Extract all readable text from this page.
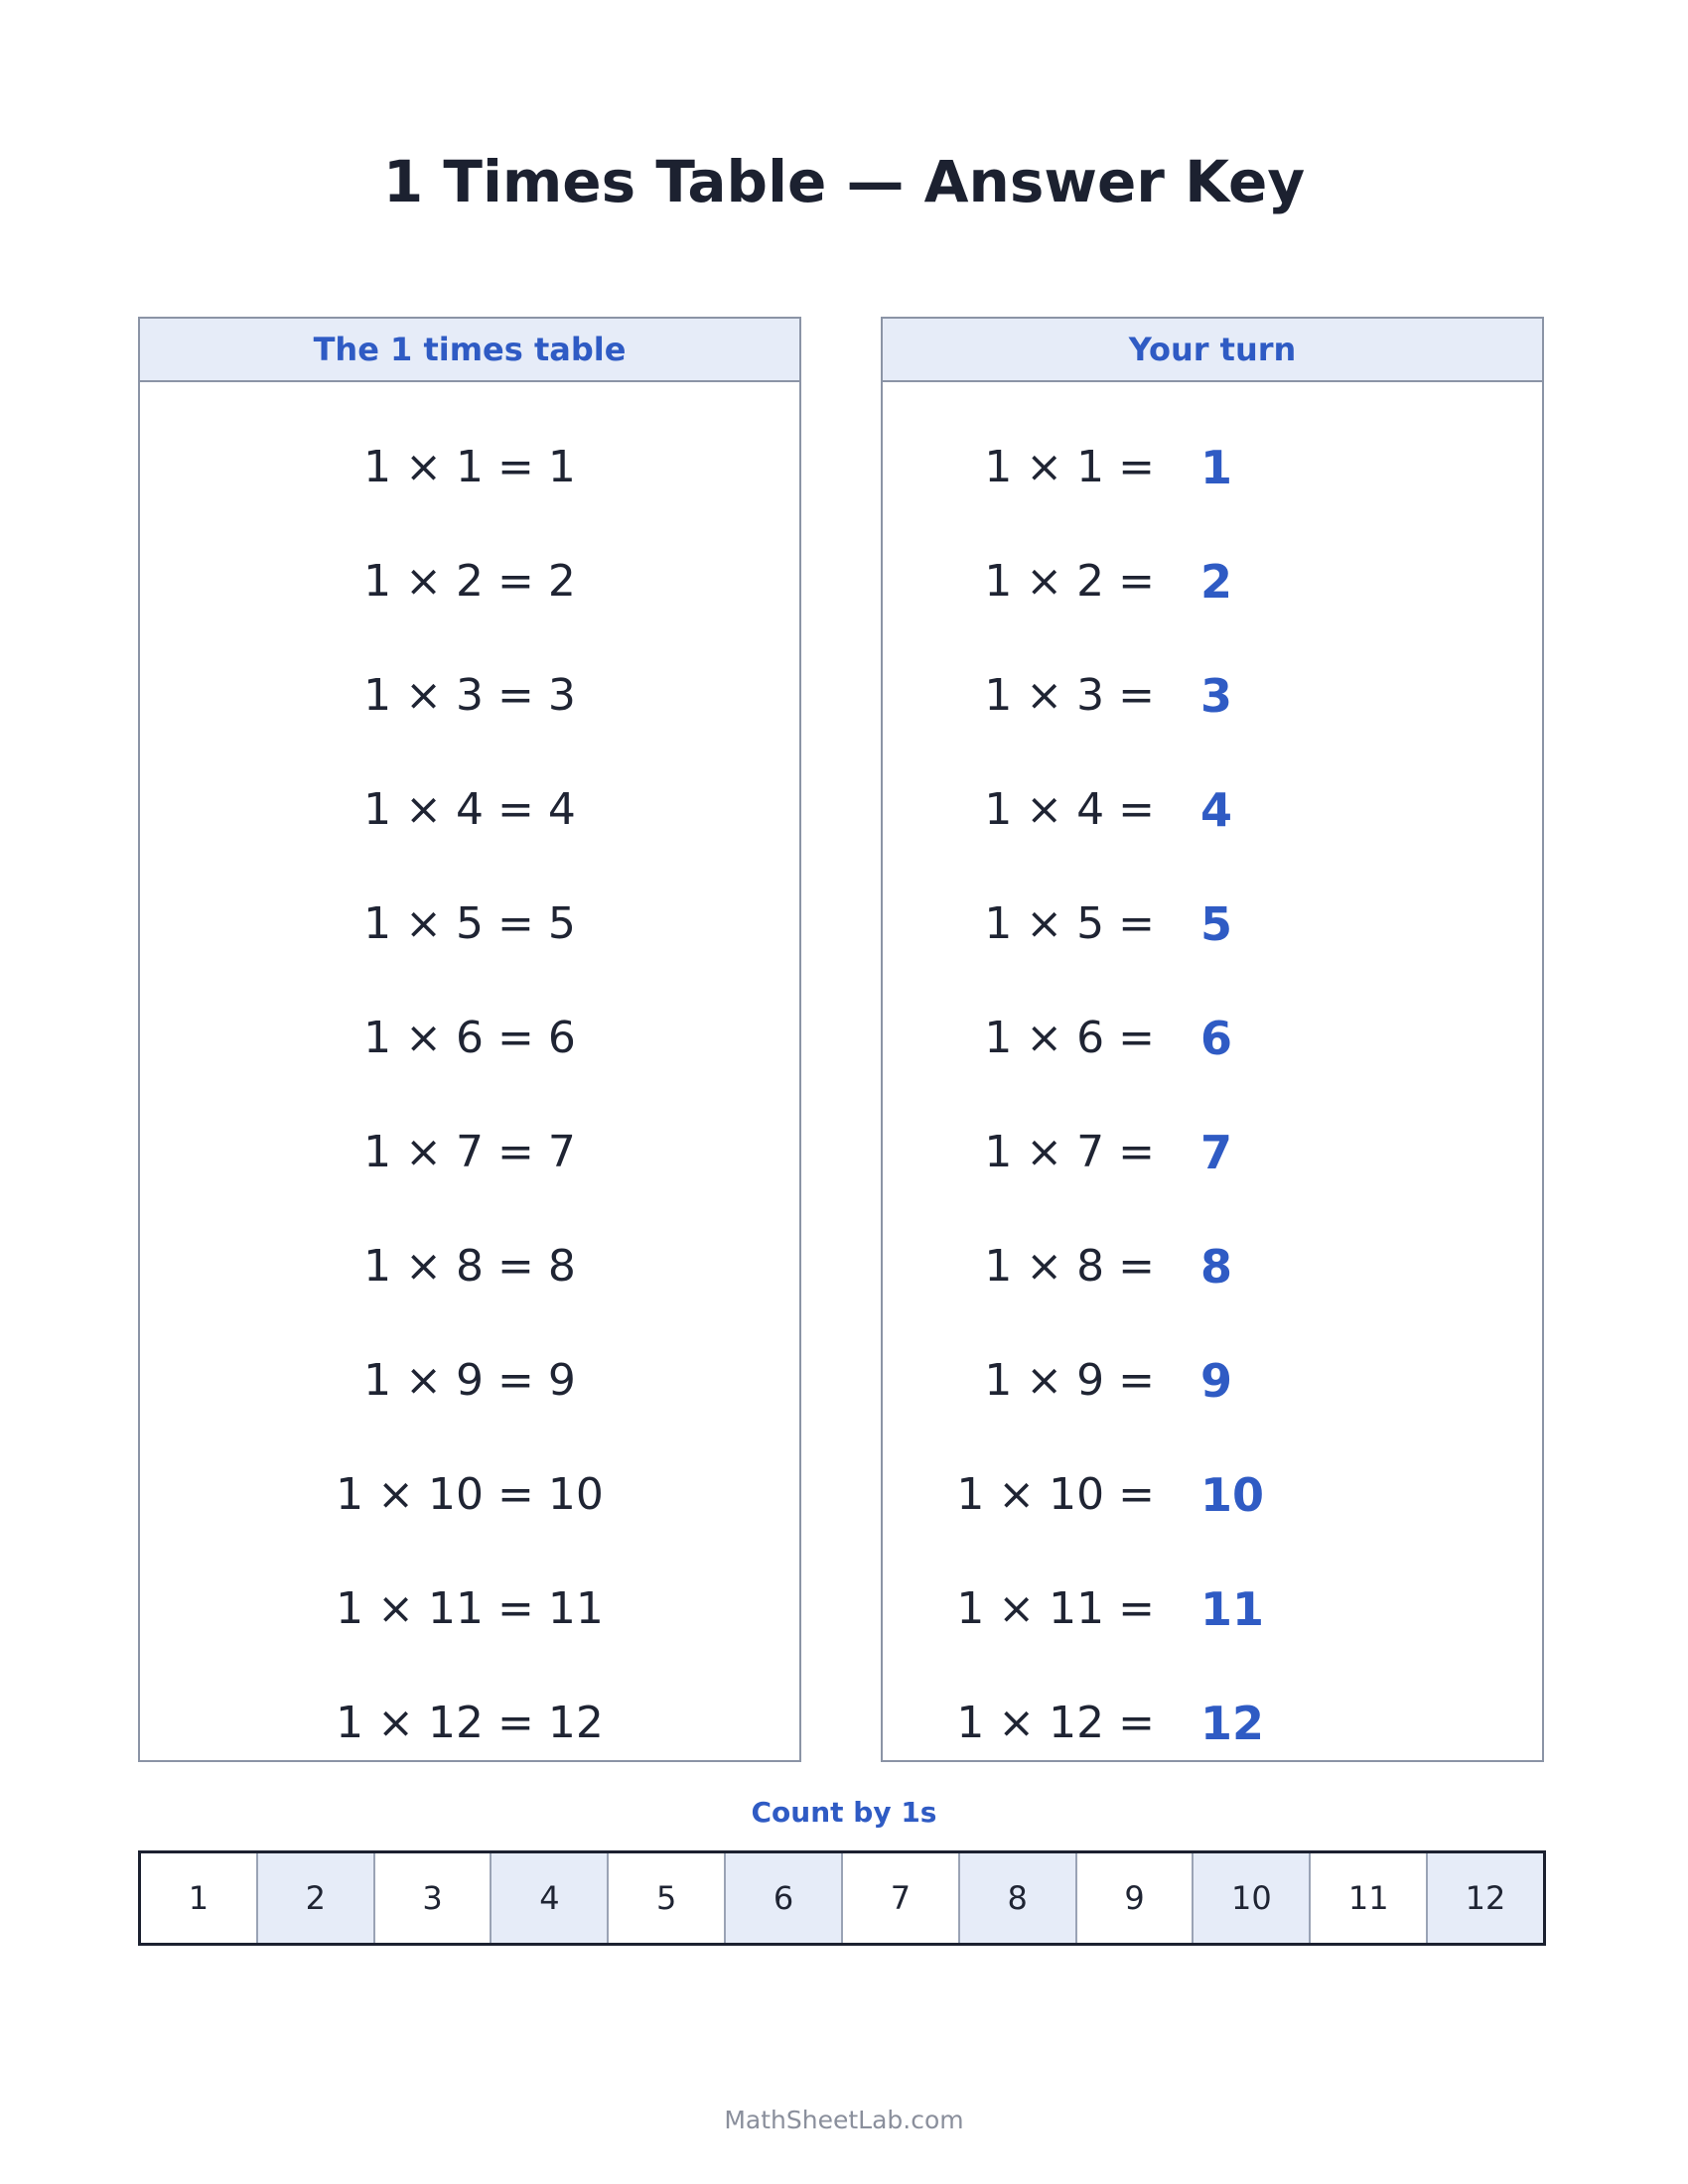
1 Times Table — Answer Key
The 1 times table
1 × 1 = 1
1 × 2 = 2
1 × 3 = 3
1 × 4 = 4
1 × 5 = 5
1 × 6 = 6
1 × 7 = 7
1 × 8 = 8
1 × 9 = 9
1 × 10 = 10
1 × 11 = 11
1 × 12 = 12
Your turn
1 × 1 = 1
1 × 2 = 2
1 × 3 = 3
1 × 4 = 4
1 × 5 = 5
1 × 6 = 6
1 × 7 = 7
1 × 8 = 8
1 × 9 = 9
1 × 10 = 10
1 × 11 = 11
1 × 12 = 12
Count by 1s
1	2	3	4	5	6	7	8	9	10	11	12
MathSheetLab.com
